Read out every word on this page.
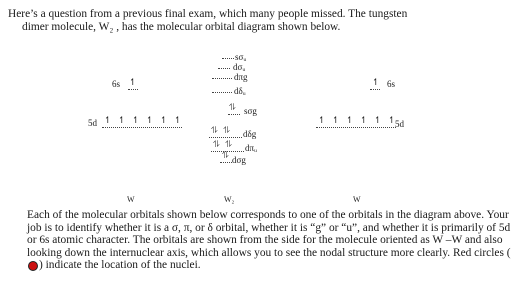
Here’s a question from a previous final exam, which many people missed. The tungsten
dimer molecule, W₂ , has the molecular orbital diagram shown below.
6s ↿
5d ↿ ↿ ↿ ↿ ↿ ↿
↿ 6s
↿ ↿ ↿ ↿ ↿ ↿ 5d
sσᵤ
dσᵤ
dπg
dδᵤ
⥮ sσg
⥮  ⥮ dδg
⥮  ⥮ dπᵤ
⥮ dσg
W	W₂	W
Each of the molecular orbitals shown below corresponds to one of the orbitals in the diagram above. Your job is to identify whether it is a σ, π, or δ orbital, whether it is “g” or “u”, and whether it is primarily of 5d or 6s atomic character. The orbitals are shown from the side for the molecule oriented as W –W and also looking down the internuclear axis, which allows you to see the nodal structure more clearly. Red circles () indicate the location of the nuclei.
